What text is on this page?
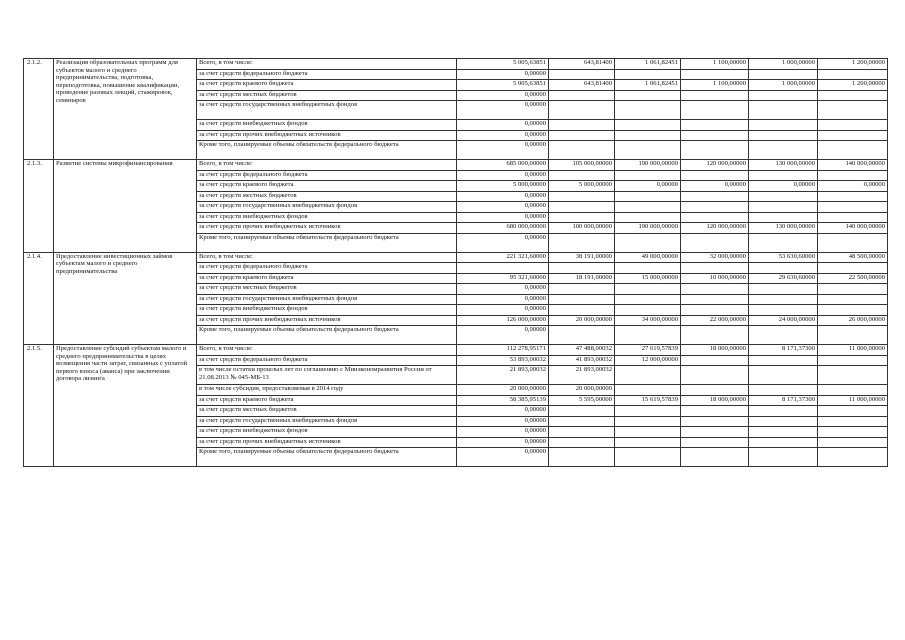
2.1.2.	Реализация образовательных программ для субъектов малого и среднего предпринимательства, подготовка, переподготовка, повышение квалификации, проведение разовых лекций, стажировок, семинаров	Всего, в том числе:	5 005,63851	643,81400	1 061,82451	1 100,00000	1 000,00000	1 200,00000
		за счет средств федерального бюджета	0,00000					
		за счет средств краевого бюджета	5 005,63851	643,81400	1 061,82451	1 100,00000	1 000,00000	1 200,00000
		за счет средств местных бюджетов	0,00000					
		за счет средств государственных внебюджетных фондов	0,00000					
		за счет средств внебюджетных фондов	0,00000					
		за счет средств прочих внебюджетных источников	0,00000					
		Кроме того, планируемые объемы обязательств федерального бюджета	0,00000					
2.1.3.	Развитие системы микрофинансирования	Всего, в том числе:	685 000,00000	105 000,00000	190 000,00000	120 000,00000	130 000,00000	140 000,00000
		за счет средств федерального бюджета	0,00000					
		за счет средств краевого бюджета	5 000,00000	5 000,00000	0,00000	0,00000	0,00000	0,00000
		за счет средств местных бюджетов	0,00000					
		за счет средств государственных внебюджетных фондов	0,00000					
		за счет средств внебюджетных фондов	0,00000					
		за счет средств прочих внебюджетных источников	680 000,00000	100 000,00000	190 000,00000	120 000,00000	130 000,00000	140 000,00000
		Кроме того, планируемые объемы обязательств федерального бюджета	0,00000					
2.1.4.	Предоставление инвестиционных займов субъектам малого и среднего предпринимательства	Всего, в том числе:	221 321,60000	38 191,00000	49 000,00000	32 000,00000	53 630,60000	48 500,00000
		за счет средств федерального бюджета						
		за счет средств краевого бюджета	95 321,60000	18 191,00000	15 000,00000	10 000,00000	29 630,60000	22 500,00000
		за счет средств местных бюджетов	0,00000					
		за счет средств государственных внебюджетных фондов	0,00000					
		за счет средств внебюджетных фондов	0,00000					
		за счет средств прочих внебюджетных источников	126 000,00000	20 000,00000	34 000,00000	22 000,00000	24 000,00000	26 000,00000
		Кроме того, планируемые объемы обязательств федерального бюджета	0,00000					
2.1.5.	Предоставление субсидий субъектам малого и среднего предпринимательства в целях возмещения части затрат, связанных с уплатой первого взноса (аванса) при заключении договора лизинга	Всего, в том числе:	112 278,95171	47 488,00032	27 619,57839	18 000,00000	8 171,37300	11 000,00000
		за счет средств федерального бюджета	53 893,00032	41 893,00032	12 000,00000			
		в том числе остатки прошлых лет по соглашению с Минэкономразвития России от 21.08.2013 № 045-МБ-13	21 893,00032	21 893,00032				
		в том числе субсидия, предоставляемая в 2014 году	20 000,00000	20 000,00000				
		за счет средств краевого бюджета	58 385,95139	5 595,00000	15 619,57839	18 000,00000	8 171,37300	11 000,00000
		за счет средств местных бюджетов	0,00000					
		за счет средств государственных внебюджетных фондов	0,00000					
		за счет средств внебюджетных фондов	0,00000					
		за счет средств прочих внебюджетных источников	0,00000					
		Кроме того, планируемые объемы обязательств федерального бюджета	0,00000					
